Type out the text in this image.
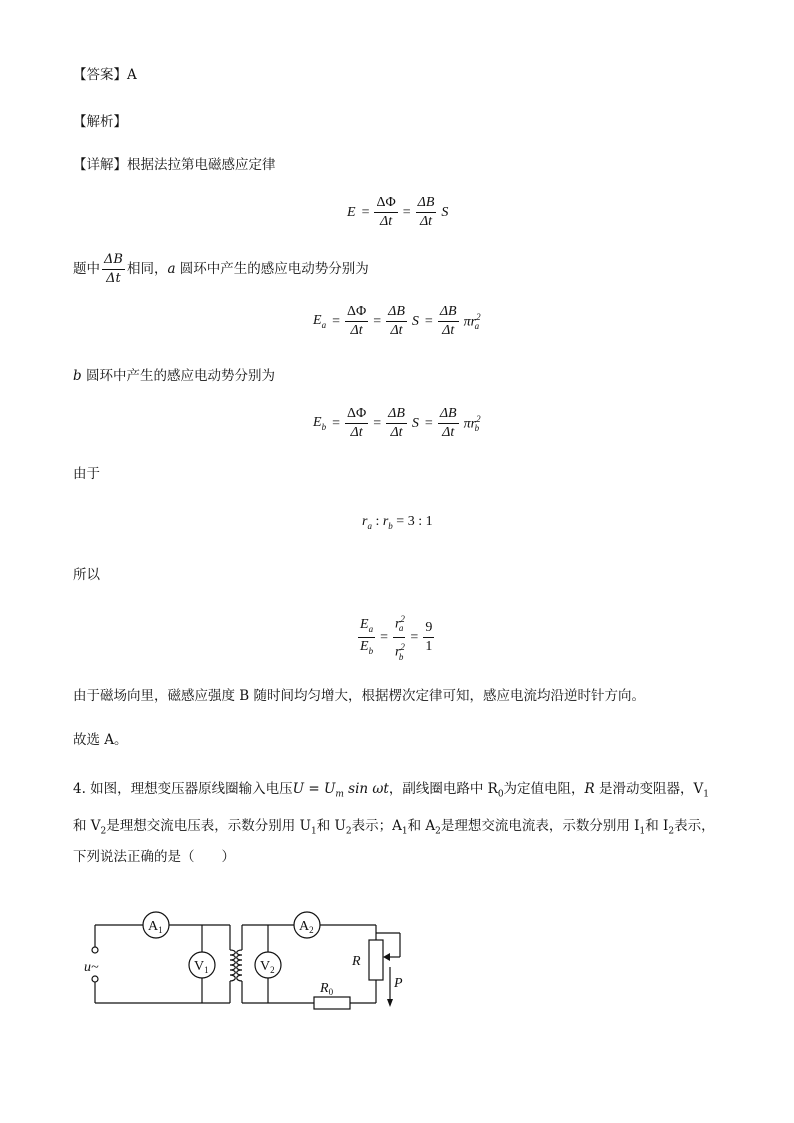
【答案】A
【解析】
【详解】根据法拉第电磁感应定律
$E = \frac{\Delta\Phi}{\Delta t} = \frac{\Delta B}{\Delta t}$ S
题中 $\frac{\Delta B}{\Delta t}$ 相同，a 圆环中产生的感应电动势分别为
$E_a = \frac{\Delta\Phi}{\Delta t} = \frac{\Delta B}{\Delta t}$ $S = \frac{\Delta B}{\Delta t} \pi r^2_a$
b 圆环中产生的感应电动势分别为
$E_b = \frac{\Delta\Phi}{\Delta t} = \frac{\Delta B}{\Delta t}$ $S = \frac{\Delta B}{\Delta t} \pi r^2_b$
由于
$r_a$ : $r_b = 3$ : 1
所以
$\frac{E_a}{E_b} = \frac{r^2_a}{r^2_b} = \frac{9}{1}$
由于磁场向里，磁感应强度 B 随时间均匀增大，根据楞次定律可知，感应电流均沿逆时针方向。
故选 A。
4. 如图，理想变压器原线圈输入电压$U = U_m$ sin ωt，副线圈电路中 $R_0$为定值电阻，R 是滑动变阻器，$V_1$
和 $V_2$是理想交流电压表，示数分别用 $U_1$和 $U_2$表示；$A_1$和 $A_2$是理想交流电流表，示数分别用 $I_1$和 $I_2$表示，
下列说法正确的是（　　）
$A_1$	$A_2$
$V_1$	$V_2$
u~	R
$R_0$
P
